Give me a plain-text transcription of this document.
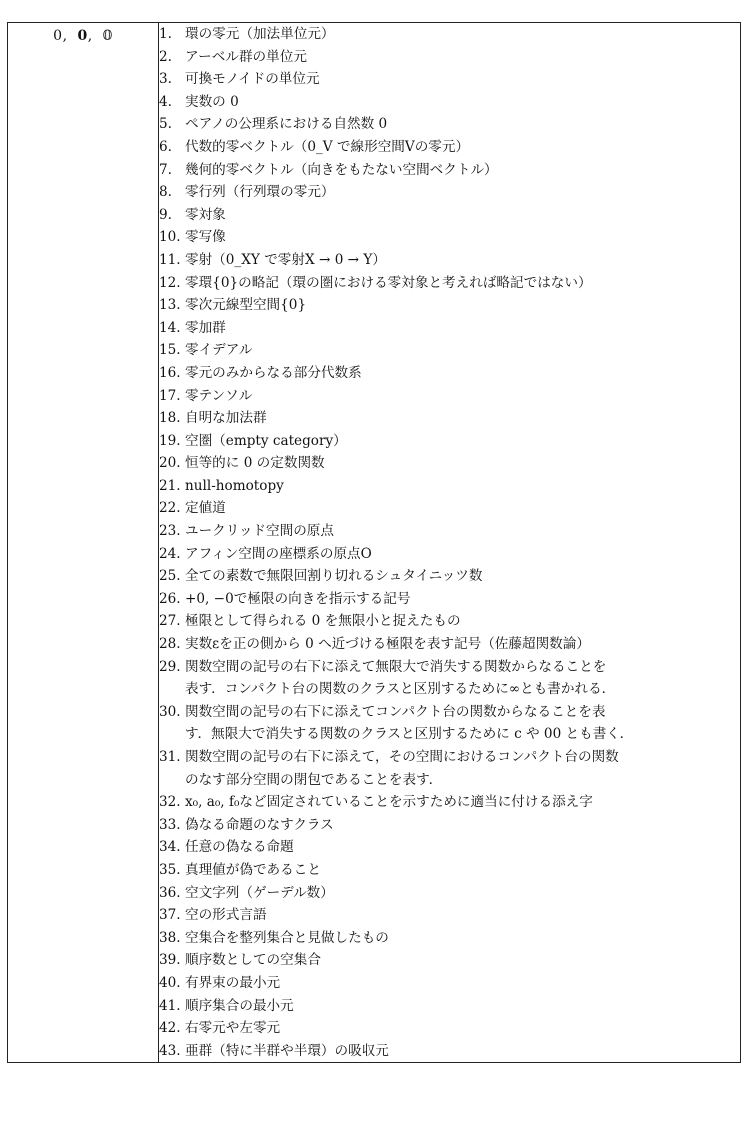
0, 0, 𝟘	1. 環の零元（加法単位元）
2. アーベル群の単位元
3. 可換モノイドの単位元
4. 実数の 0
5. ペアノの公理系における自然数 0
6. 代数的零ベクトル（0_V で線形空間Vの零元）
7. 幾何的零ベクトル（向きをもたない空間ベクトル）
8. 零行列（行列環の零元）
9. 零対象
10. 零写像
11. 零射（0_XY で零射X → 0 → Y）
12. 零環{0}の略記（環の圏における零対象と考えれば略記ではない）
13. 零次元線型空間{0}
14. 零加群
15. 零イデアル
16. 零元のみからなる部分代数系
17. 零テンソル
18. 自明な加法群
19. 空圏（empty category）
20. 恒等的に 0 の定数関数
21. null-homotopy
22. 定値道
23. ユークリッド空間の原点
24. アフィン空間の座標系の原点O
25. 全ての素数で無限回割り切れるシュタイニッツ数
26. +0, −0で極限の向きを指示する記号
27. 極限として得られる 0 を無限小と捉えたもの
28. 実数εを正の側から 0 へ近づける極限を表す記号（佐藤超関数論）
29. 関数空間の記号の右下に添えて無限大で消失する関数からなることを
表す．コンパクト台の関数のクラスと区別するために∞とも書かれる．
30. 関数空間の記号の右下に添えてコンパクト台の関数からなることを表
す．無限大で消失する関数のクラスと区別するために c や 00 とも書く．
31. 関数空間の記号の右下に添えて，その空間におけるコンパクト台の関数
のなす部分空間の閉包であることを表す．
32. x₀, a₀, f₀など固定されていることを示すために適当に付ける添え字
33. 偽なる命題のなすクラス
34. 任意の偽なる命題
35. 真理値が偽であること
36. 空文字列（ゲーデル数）
37. 空の形式言語
38. 空集合を整列集合と見做したもの
39. 順序数としての空集合
40. 有界束の最小元
41. 順序集合の最小元
42. 右零元や左零元
43. 亜群（特に半群や半環）の吸収元
